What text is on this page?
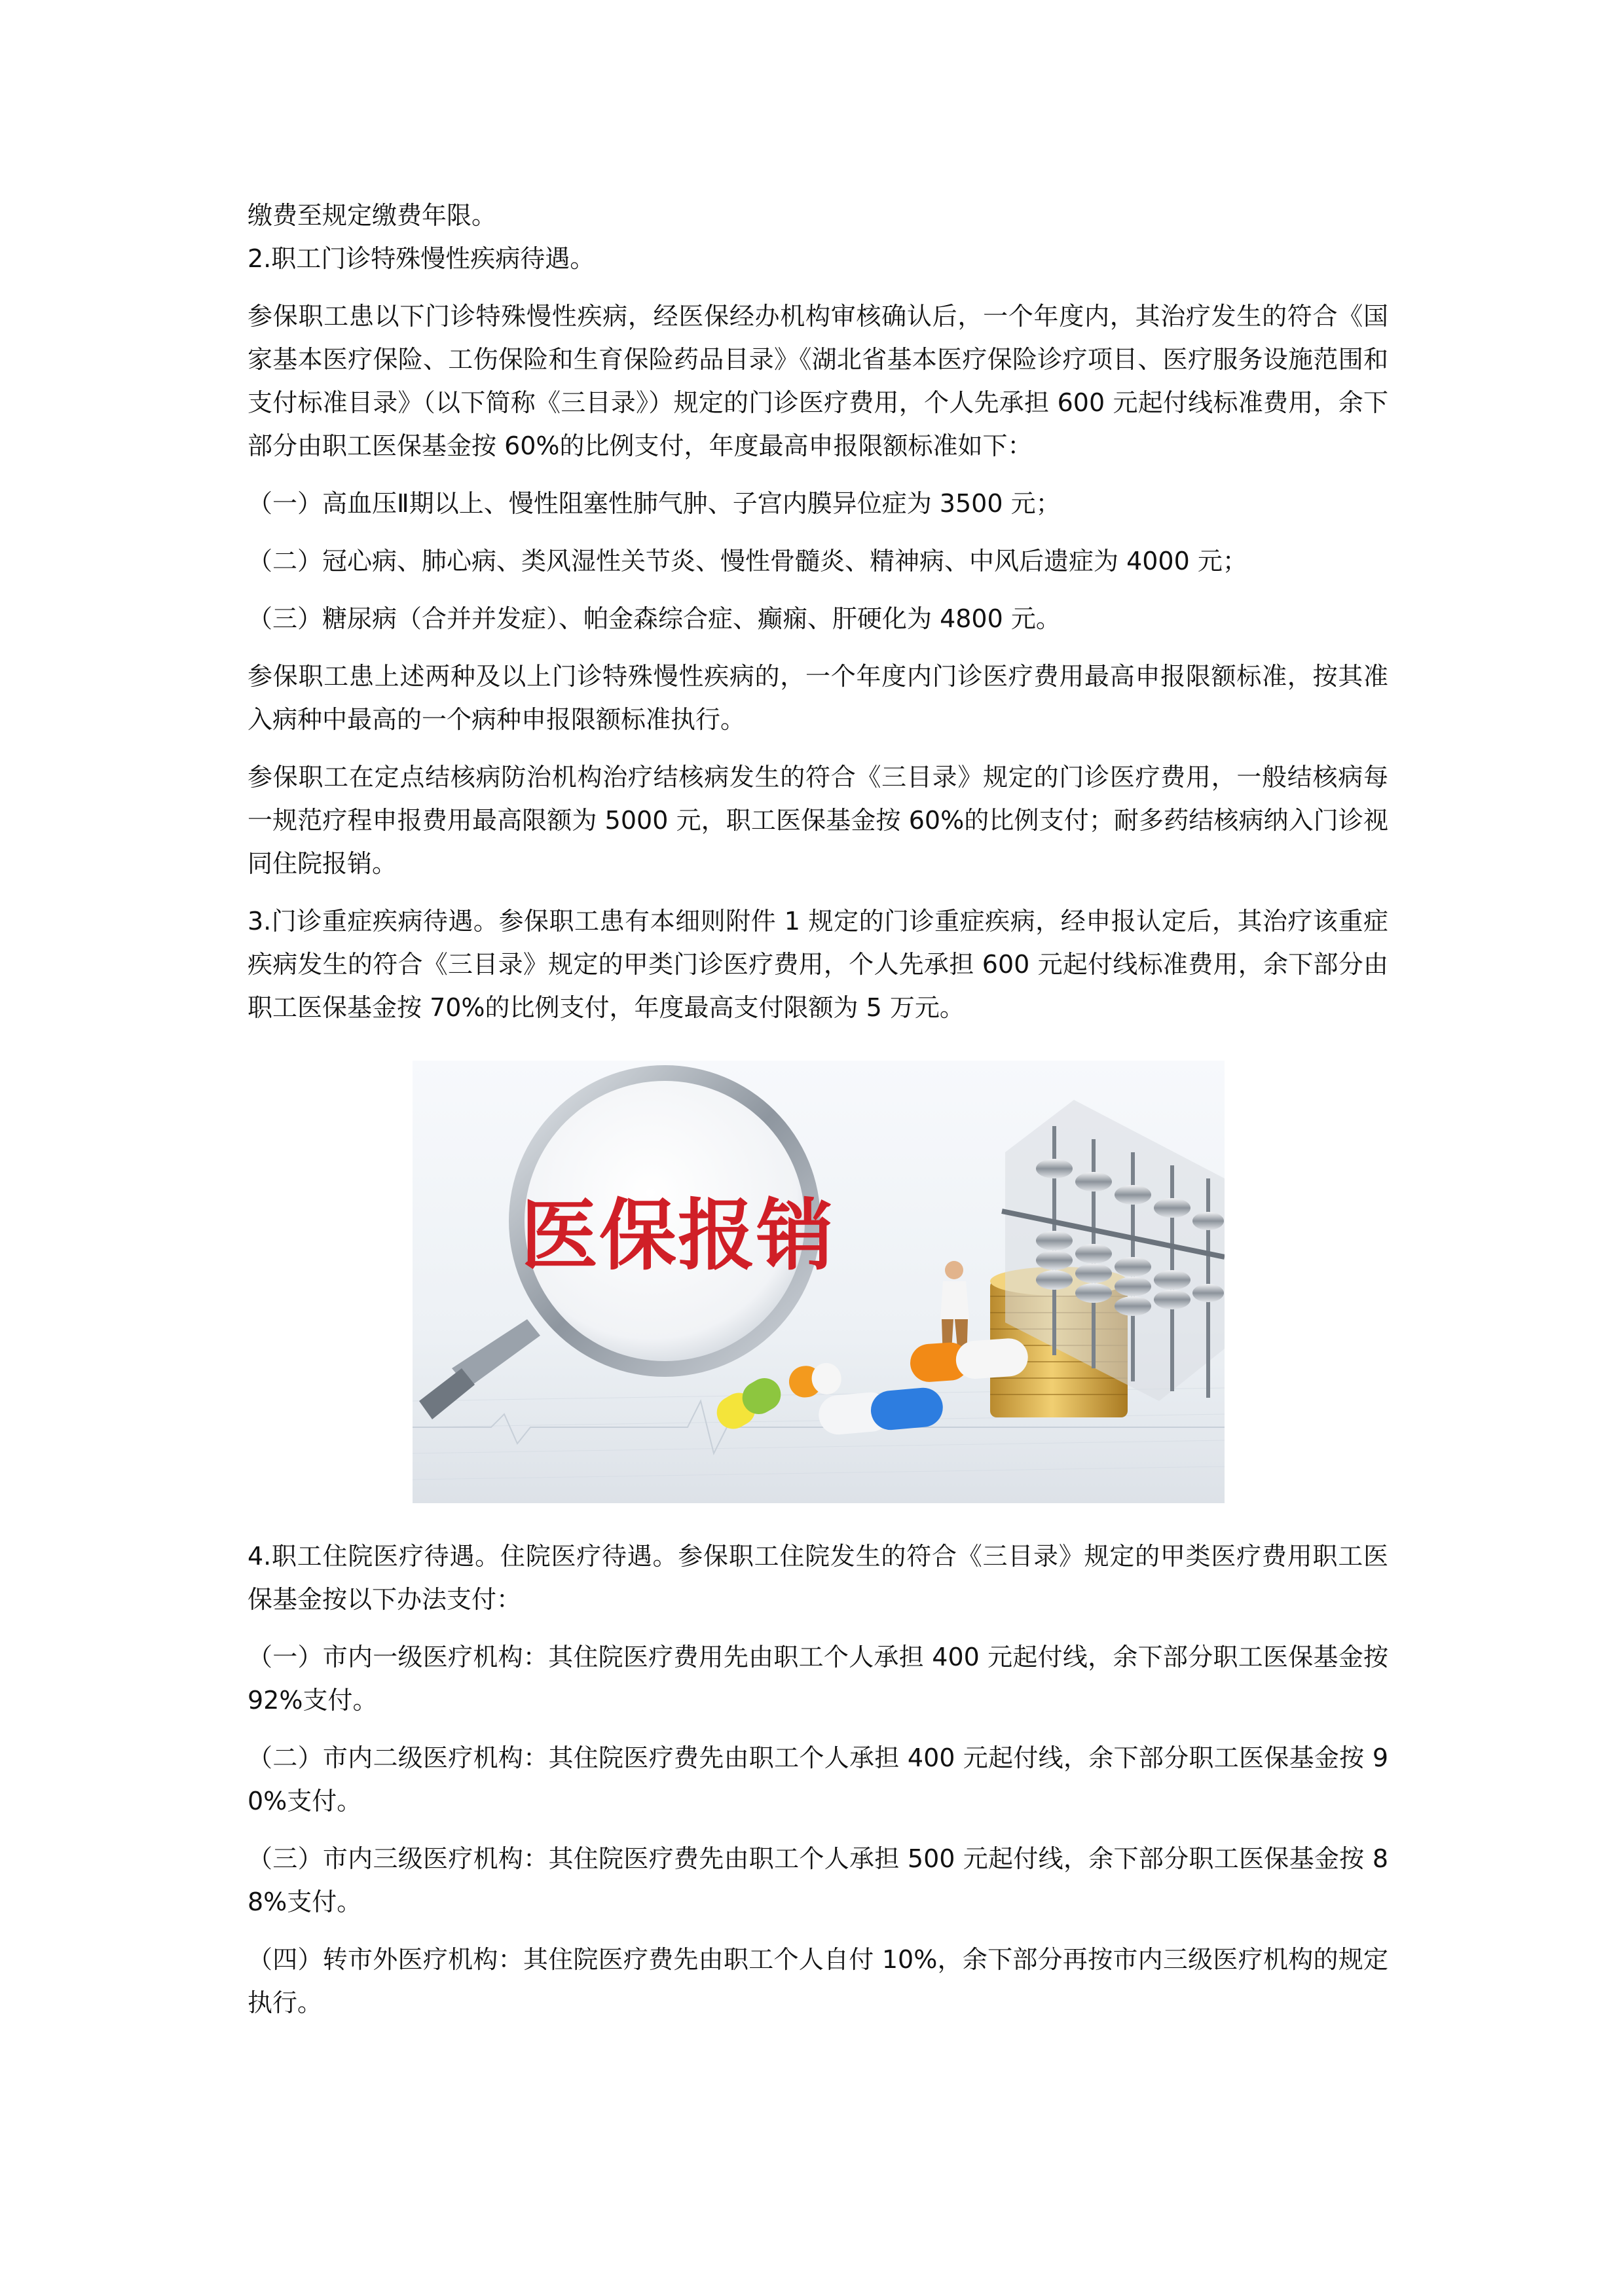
缴费至规定缴费年限。

2.职工门诊特殊慢性疾病待遇。

参保职工患以下门诊特殊慢性疾病，经医保经办机构审核确认后，一个年度内，其治疗发生的符合《国家基本医疗保险、工伤保险和生育保险药品目录》《湖北省基本医疗保险诊疗项目、医疗服务设施范围和支付标准目录》（以下简称《三目录》）规定的门诊医疗费用，个人先承担 600 元起付线标准费用，余下部分由职工医保基金按 60%的比例支付，年度最高申报限额标准如下：

（一）高血压Ⅱ期以上、慢性阻塞性肺气肿、子宫内膜异位症为 3500 元；

（二）冠心病、肺心病、类风湿性关节炎、慢性骨髓炎、精神病、中风后遗症为 4000 元；

（三）糖尿病（合并并发症）、帕金森综合症、癫痫、肝硬化为 4800 元。

参保职工患上述两种及以上门诊特殊慢性疾病的，一个年度内门诊医疗费用最高申报限额标准，按其准入病种中最高的一个病种申报限额标准执行。

参保职工在定点结核病防治机构治疗结核病发生的符合《三目录》规定的门诊医疗费用，一般结核病每一规范疗程申报费用最高限额为 5000 元，职工医保基金按 60%的比例支付；耐多药结核病纳入门诊视同住院报销。

3.门诊重症疾病待遇。参保职工患有本细则附件 1 规定的门诊重症疾病，经申报认定后，其治疗该重症疾病发生的符合《三目录》规定的甲类门诊医疗费用，个人先承担 600 元起付线标准费用，余下部分由职工医保基金按 70%的比例支付，年度最高支付限额为 5 万元。

医保报销

4.职工住院医疗待遇。住院医疗待遇。参保职工住院发生的符合《三目录》规定的甲类医疗费用职工医保基金按以下办法支付：

（一）市内一级医疗机构：其住院医疗费用先由职工个人承担 400 元起付线，余下部分职工医保基金按 92%支付。

（二）市内二级医疗机构：其住院医疗费先由职工个人承担 400 元起付线，余下部分职工医保基金按 90%支付。

（三）市内三级医疗机构：其住院医疗费先由职工个人承担 500 元起付线，余下部分职工医保基金按 88%支付。

（四）转市外医疗机构：其住院医疗费先由职工个人自付 10%，余下部分再按市内三级医疗机构的规定执行。
